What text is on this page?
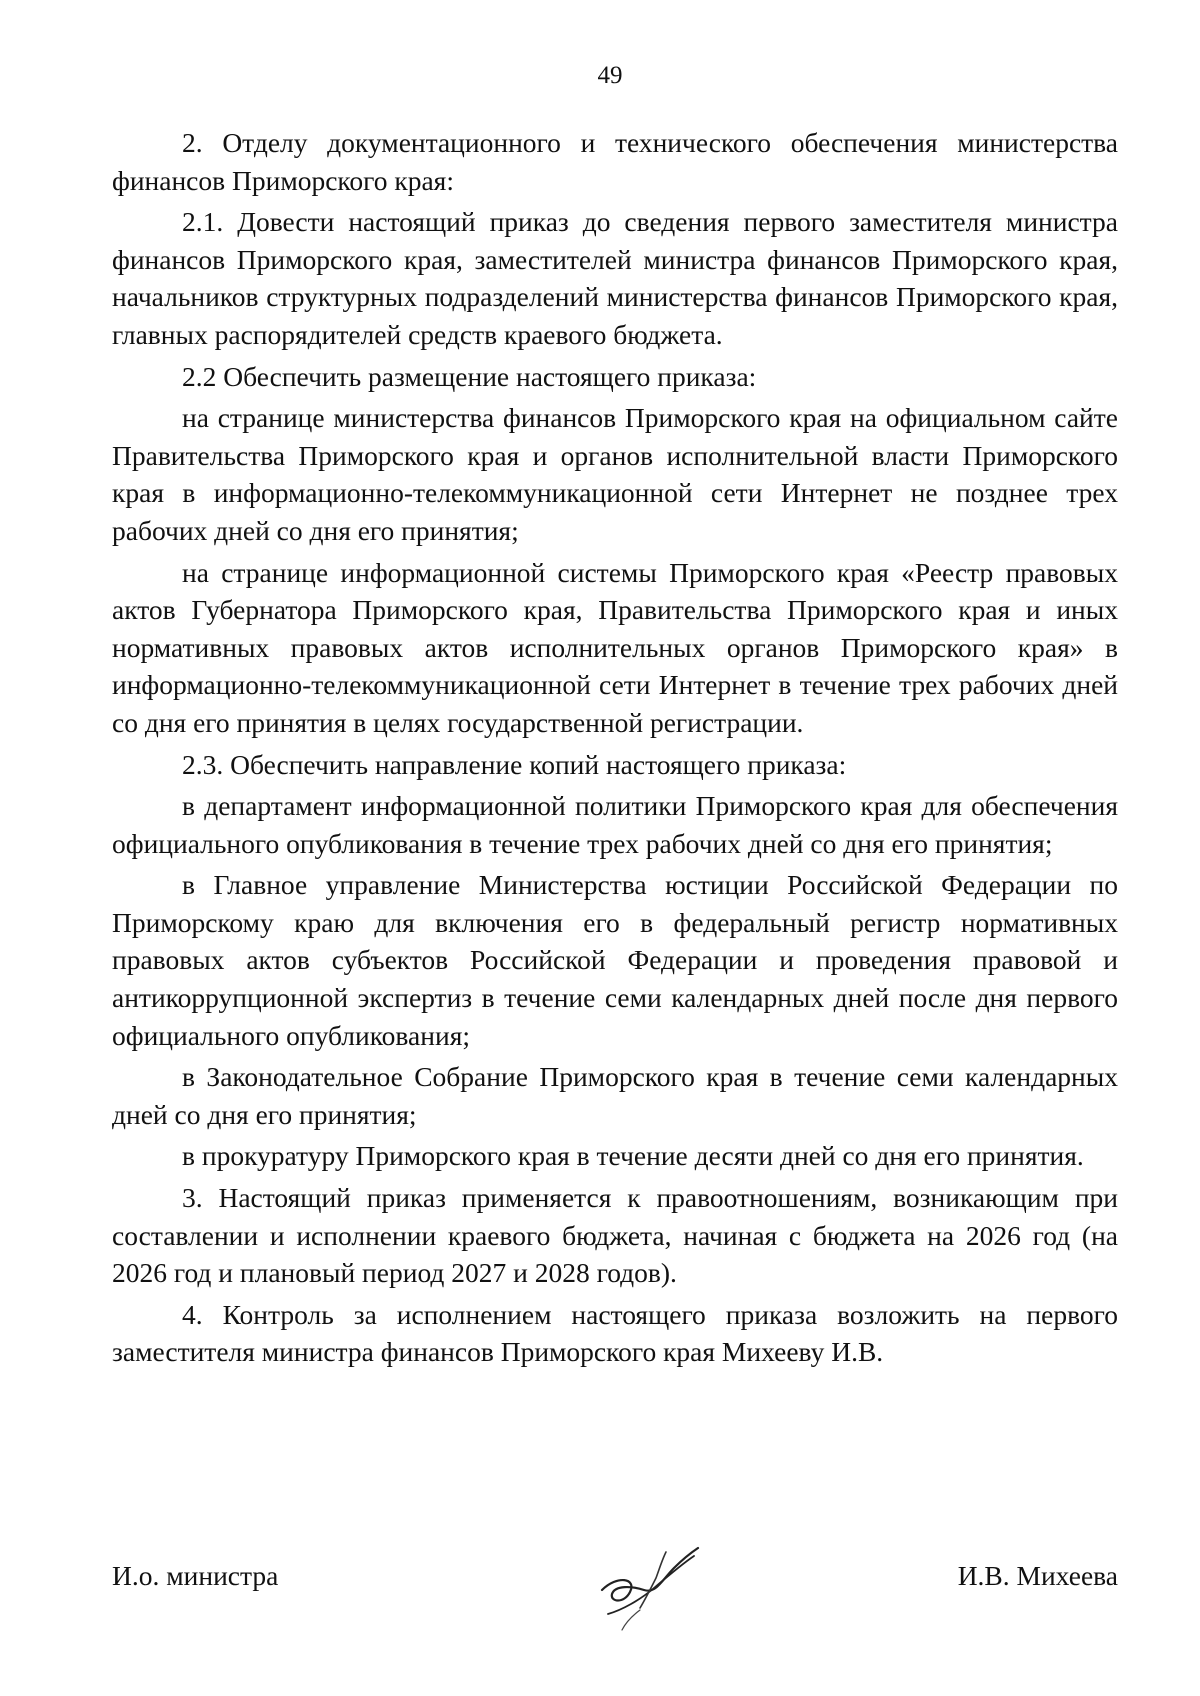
49

2. Отделу документационного и технического обеспечения министерства финансов Приморского края:

2.1. Довести настоящий приказ до сведения первого заместителя министра финансов Приморского края, заместителей министра финансов Приморского края, начальников структурных подразделений министерства финансов Приморского края, главных распорядителей средств краевого бюджета.

2.2 Обеспечить размещение настоящего приказа:

на странице министерства финансов Приморского края на официальном сайте Правительства Приморского края и органов исполнительной власти Приморского края в информационно-телекоммуникационной сети Интернет не позднее трех рабочих дней со дня его принятия;

на странице информационной системы Приморского края «Реестр правовых актов Губернатора Приморского края, Правительства Приморского края и иных нормативных правовых актов исполнительных органов Приморского края» в информационно-телекоммуникационной сети Интернет в течение трех рабочих дней со дня его принятия в целях государственной регистрации.

2.3. Обеспечить направление копий настоящего приказа:

в департамент информационной политики Приморского края для обеспечения официального опубликования в течение трех рабочих дней со дня его принятия;

в Главное управление Министерства юстиции Российской Федерации по Приморскому краю для включения его в федеральный регистр нормативных правовых актов субъектов Российской Федерации и проведения правовой и антикоррупционной экспертиз в течение семи календарных дней после дня первого официального опубликования;

в Законодательное Собрание Приморского края в течение семи календарных дней со дня его принятия;

в прокуратуру Приморского края в течение десяти дней со дня его принятия.

3. Настоящий приказ применяется к правоотношениям, возникающим при составлении и исполнении краевого бюджета, начиная с бюджета на 2026 год (на 2026 год и плановый период 2027 и 2028 годов).

4. Контроль за исполнением настоящего приказа возложить на первого заместителя министра финансов Приморского края Михееву И.В.

И.о. министра	И.В. Михеева
